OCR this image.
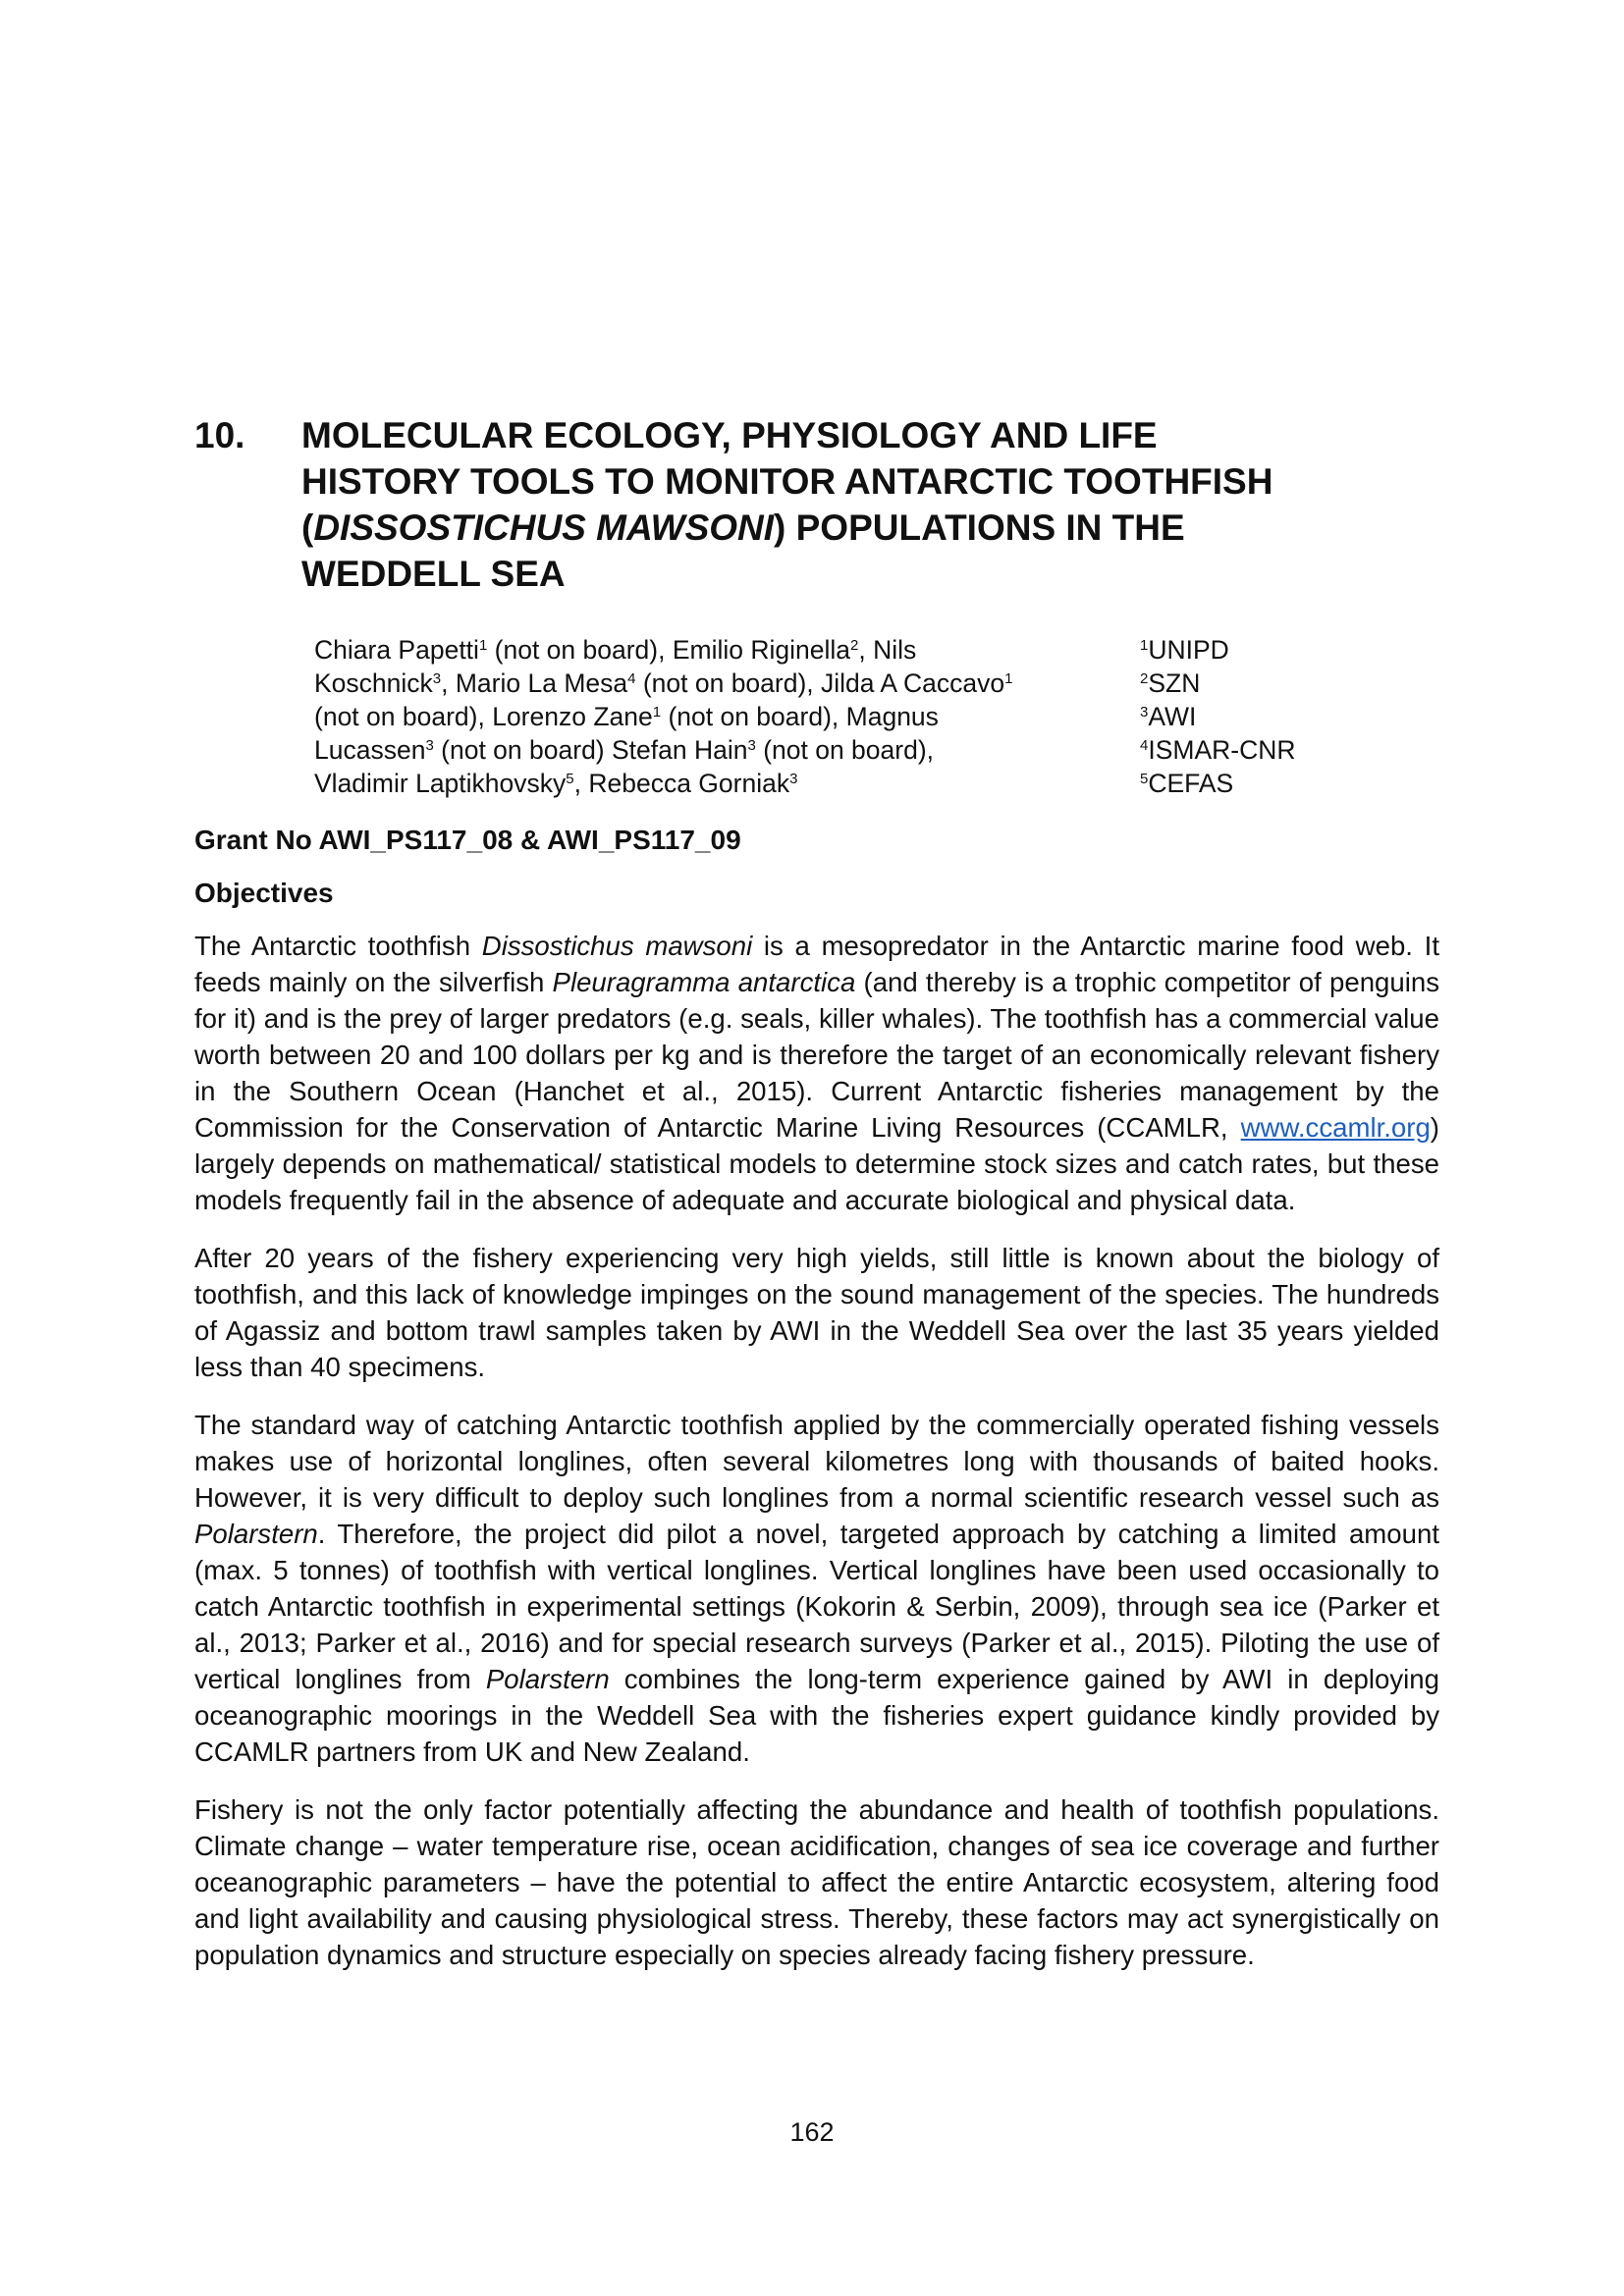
10. MOLECULAR ECOLOGY, PHYSIOLOGY AND LIFE
HISTORY TOOLS TO MONITOR ANTARCTIC TOOTHFISH
(DISSOSTICHUS MAWSONI) POPULATIONS IN THE
WEDDELL SEA
Chiara Papetti$^1$ (not on board), Emilio Riginella$^2$, Nils Koschnick$^3$, Mario La Mesa$^4$ (not on board), Jilda A Caccavo$^1$ (not on board), Lorenzo Zane$^1$ (not on board), Magnus Lucassen$^3$ (not on board) Stefan Hain$^3$ (not on board), Vladimir Laptikhovsky$^5$, Rebecca Gorniak$^3$
$^1$UNIPD
$^2$SZN
$^3$AWI
$^4$ISMAR-CNR
$^5$CEFAS
Grant No AWI_PS117_08 & AWI_PS117_09
Objectives

The Antarctic toothfish Dissostichus mawsoni is a mesopredator in the Antarctic marine food web. It feeds mainly on the silverfish Pleuragramma antarctica (and thereby is a trophic competitor of penguins for it) and is the prey of larger predators (e.g. seals, killer whales). The toothfish has a commercial value worth between 20 and 100 dollars per kg and is therefore the target of an economically relevant fishery in the Southern Ocean (Hanchet et al., 2015). Current Antarctic fisheries management by the Commission for the Conservation of Antarctic Marine Living Resources (CCAMLR, www.ccamlr.org) largely depends on mathematical/ statistical models to determine stock sizes and catch rates, but these models frequently fail in the absence of adequate and accurate biological and physical data.

After 20 years of the fishery experiencing very high yields, still little is known about the biology of toothfish, and this lack of knowledge impinges on the sound management of the species. The hundreds of Agassiz and bottom trawl samples taken by AWI in the Weddell Sea over the last 35 years yielded less than 40 specimens.

The standard way of catching Antarctic toothfish applied by the commercially operated fishing vessels makes use of horizontal longlines, often several kilometres long with thousands of baited hooks. However, it is very difficult to deploy such longlines from a normal scientific research vessel such as Polarstern. Therefore, the project did pilot a novel, targeted approach by catching a limited amount (max. 5 tonnes) of toothfish with vertical longlines. Vertical longlines have been used occasionally to catch Antarctic toothfish in experimental settings (Kokorin & Serbin, 2009), through sea ice (Parker et al., 2013; Parker et al., 2016) and for special research surveys (Parker et al., 2015). Piloting the use of vertical longlines from Polarstern combines the long-term experience gained by AWI in deploying oceanographic moorings in the Weddell Sea with the fisheries expert guidance kindly provided by CCAMLR partners from UK and New Zealand.

Fishery is not the only factor potentially affecting the abundance and health of toothfish populations. Climate change – water temperature rise, ocean acidification, changes of sea ice coverage and further oceanographic parameters – have the potential to affect the entire Antarctic ecosystem, altering food and light availability and causing physiological stress. Thereby, these factors may act synergistically on population dynamics and structure especially on species already facing fishery pressure.

162
